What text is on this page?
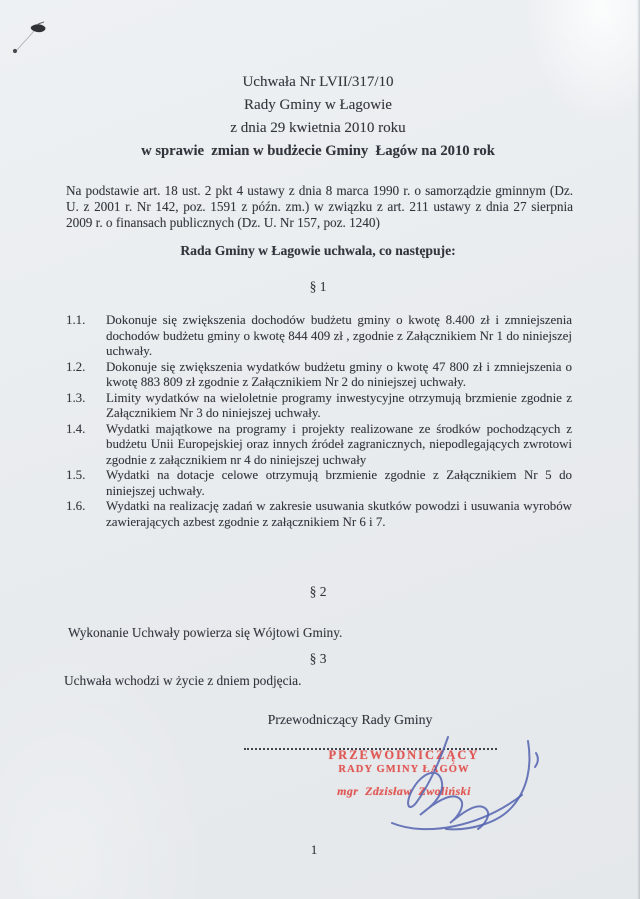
Uchwała Nr LVII/317/10
Rady Gminy w Łagowie
z dnia 29 kwietnia 2010 roku
w sprawie  zmian w budżecie Gminy  Łagów na 2010 rok

Na podstawie art. 18 ust. 2 pkt 4 ustawy z dnia 8 marca 1990 r. o samorządzie gminnym (Dz. U. z 2001 r. Nr 142, poz. 1591 z późn. zm.) w związku z art. 211 ustawy z dnia 27 sierpnia 2009 r. o finansach publicznych (Dz. U. Nr 157, poz. 1240)

Rada Gminy w Łagowie uchwala, co następuje:

§ 1
1.1.	Dokonuje się zwiększenia dochodów budżetu gminy o kwotę 8.400 zł i zmniejszenia dochodów budżetu gminy o kwotę 844 409 zł , zgodnie z Załącznikiem Nr 1 do niniejszej uchwały.
1.2.	Dokonuje się zwiększenia wydatków budżetu gminy o kwotę 47 800 zł i zmniejszenia o kwotę 883 809 zł zgodnie z Załącznikiem Nr 2 do niniejszej uchwały.
1.3.	Limity wydatków na wieloletnie programy inwestycyjne otrzymują brzmienie zgodnie z Załącznikiem Nr 3 do niniejszej uchwały.
1.4.	Wydatki majątkowe na programy i projekty realizowane ze środków pochodzących z budżetu Unii Europejskiej oraz innych źródeł zagranicznych, niepodlegających zwrotowi zgodnie z załącznikiem nr 4 do niniejszej uchwały
1.5.	Wydatki na dotacje celowe otrzymują brzmienie zgodnie z Załącznikiem Nr 5 do niniejszej uchwały.
1.6.	Wydatki na realizację zadań w zakresie usuwania skutków powodzi i usuwania wyrobów zawierających azbest zgodnie z załącznikiem Nr 6 i 7.
§ 2

Wykonanie Uchwały powierza się Wójtowi Gminy.

§ 3

Uchwała wchodzi w życie z dniem podjęcia.

Przewodniczący Rady Gminy
PRZEWODNICZĄCY
RADY GMINY ŁAGÓW
mgr  Zdzisław  Zwoliński
1
